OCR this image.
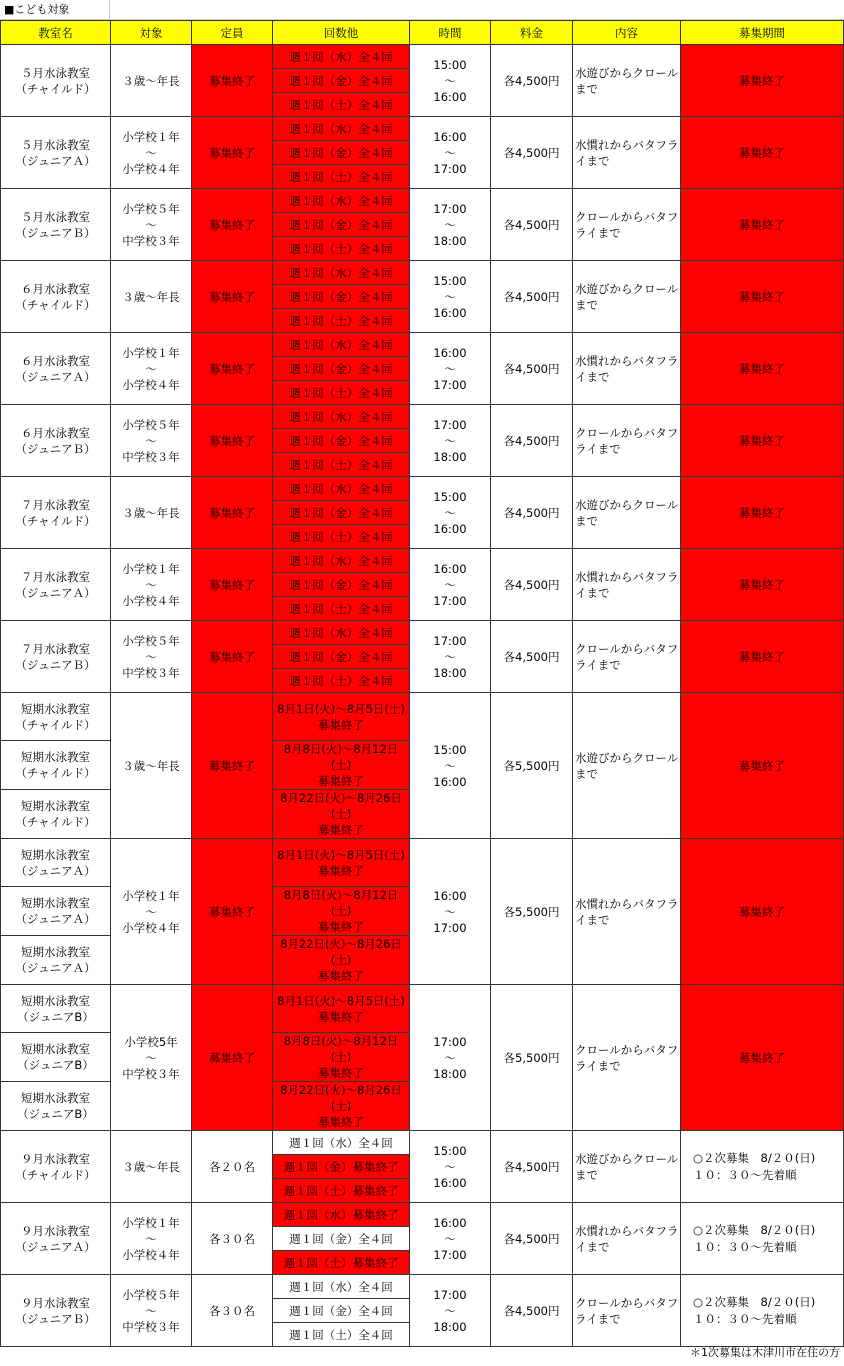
■こども対象
教室名	対象	定員	回数他	時間	料金	内容	募集期間

５月水泳教室
（チャイルド）	３歳～年長	募集終了	週１回（水）全４回	15:00
～
16:00	各4,500円	水遊びからクロールまで	募集終了

			週１回（金）全４回				
			週１回（土）全４回				

５月水泳教室
（ジュニアＡ）	小学校１年
～
小学校４年	募集終了	週１回（水）全４回	16:00
～
17:00	各4,500円	水慣れからバタフライまで	募集終了

			週１回（金）全４回				
			週１回（土）全４回				

５月水泳教室
（ジュニアＢ）	小学校５年
～
中学校３年	募集終了	週１回（水）全４回	17:00
～
18:00	各4,500円	クロールからバタフライまで	募集終了

			週１回（金）全４回				
			週１回（土）全４回				

６月水泳教室
（チャイルド）	３歳～年長	募集終了	週１回（水）全４回	15:00
～
16:00	各4,500円	水遊びからクロールまで	募集終了

			週１回（金）全４回				
			週１回（土）全４回				

６月水泳教室
（ジュニアＡ）	小学校１年
～
小学校４年	募集終了	週１回（水）全４回	16:00
～
17:00	各4,500円	水慣れからバタフライまで	募集終了

			週１回（金）全４回				
			週１回（土）全４回				

６月水泳教室
（ジュニアＢ）	小学校５年
～
中学校３年	募集終了	週１回（水）全４回	17:00
～
18:00	各4,500円	クロールからバタフライまで	募集終了

			週１回（金）全４回				
			週１回（土）全４回				

７月水泳教室
（チャイルド）	３歳～年長	募集終了	週１回（水）全４回	15:00
～
16:00	各4,500円	水遊びからクロールまで	募集終了

			週１回（金）全４回				
			週１回（土）全４回				

７月水泳教室
（ジュニアＡ）	小学校１年
～
小学校４年	募集終了	週１回（水）全４回	16:00
～
17:00	各4,500円	水慣れからバタフライまで	募集終了

			週１回（金）全４回				
			週１回（土）全４回				

７月水泳教室
（ジュニアＢ）	小学校５年
～
中学校３年	募集終了	週１回（水）全４回	17:00
～
18:00	各4,500円	クロールからバタフライまで	募集終了

			週１回（金）全４回				
			週１回（土）全４回				

短期水泳教室
（チャイルド）	３歳～年長	募集終了	8月1日(火)～8月5日(土)
募集終了	15:00
～
16:00	各5,500円	水遊びからクロールまで	募集終了

短期水泳教室
（チャイルド）			8月8日(火)～8月12日(土)
募集終了				

短期水泳教室
（チャイルド）			8月22日(火)～8月26日(土)
募集終了				

短期水泳教室
（ジュニアＡ）	小学校１年
～
小学校４年	募集終了	8月1日(火)～8月5日(土)
募集終了	16:00
～
17:00	各5,500円	水慣れからバタフライまで	募集終了

短期水泳教室
（ジュニアＡ）			8月8日(火)～8月12日(土)
募集終了				

短期水泳教室
（ジュニアＡ）			8月22日(火)～8月26日(土)
募集終了				

短期水泳教室
（ジュニアB）	小学校5年
～
中学校３年	募集終了	8月1日(火)～8月5日(土)
募集終了	17:00
～
18:00	各5,500円	クロールからバタフライまで	募集終了

短期水泳教室
（ジュニアB）			8月8日(火)～8月12日(土)
募集終了				

短期水泳教室
（ジュニアB）			8月22日(火)～8月26日(土)
募集終了				

９月水泳教室
（チャイルド）	３歳～年長	各２０名	週１回（水）全４回	15:00
～
16:00	各4,500円	水遊びからクロールまで	○２次募集　8/２０(日)
１０：３０～先着順

			週１回（金）募集終了				
			週１回（土）募集終了				

９月水泳教室
（ジュニアＡ）	小学校１年
～
小学校４年	各３０名	週１回（水）募集終了	16:00
～
17:00	各4,500円	水慣れからバタフライまで	○２次募集　8/２０(日)
１０：３０～先着順

			週１回（金）全４回				
			週１回（土）募集終了				

９月水泳教室
（ジュニアＢ）	小学校５年
～
中学校３年	各３０名	週１回（水）全４回	17:00
～
18:00	各4,500円	クロールからバタフライまで	○２次募集　8/２０(日)
１０：３０～先着順

			週１回（金）全４回				
			週１回（土）全４回				
＊1次募集は木津川市在住の方
